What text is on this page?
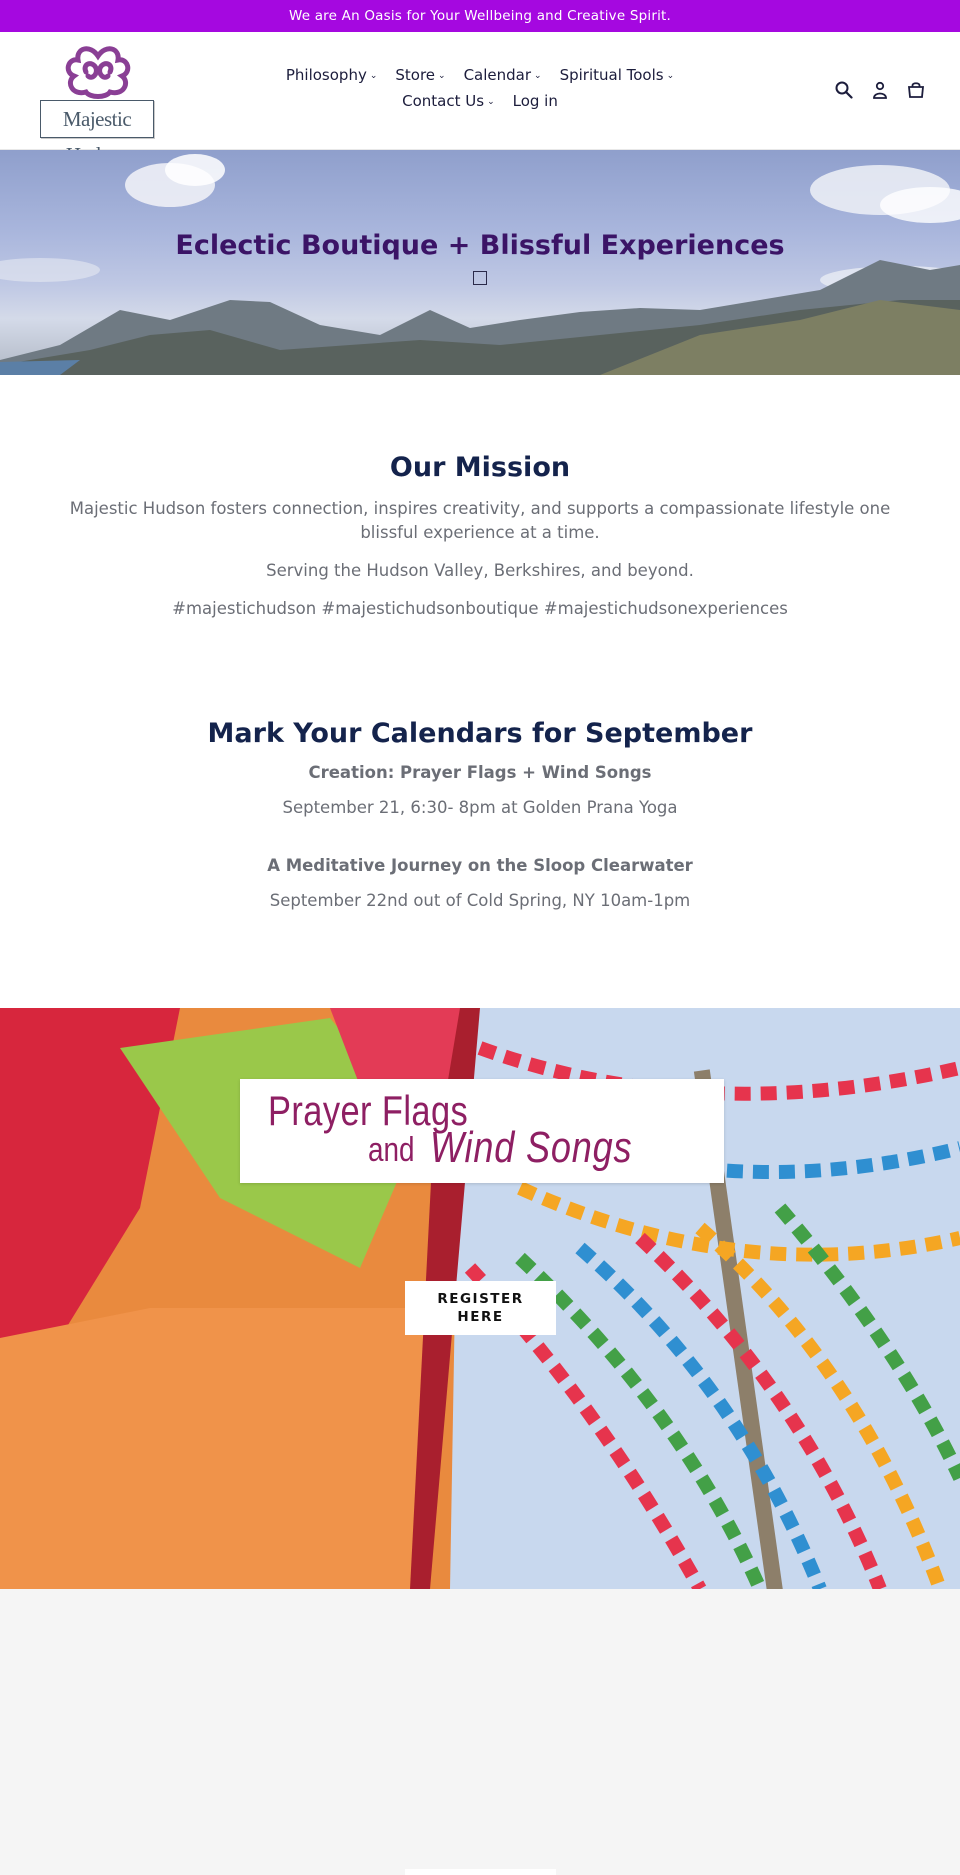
We are An Oasis for Your Wellbeing and Creative Spirit.
Majestic
Philosophy ⌄ Store ⌄ Calendar ⌄ Spiritual Tools ⌄
Contact Us ⌄ Log in
Eclectic Boutique + Blissful Experiences
Our Mission

Majestic Hudson fosters connection, inspires creativity, and supports a compassionate lifestyle one blissful experience at a time.

Serving the Hudson Valley, Berkshires, and beyond.

#majestichudson #majestichudsonboutique #majestichudsonexperiences

Mark Your Calendars for September

Creation: Prayer Flags + Wind Songs

September 21, 6:30- 8pm at Golden Prana Yoga

A Meditative Journey on the Sloop Clearwater

September 22nd out of Cold Spring, NY 10am-1pm

Prayer Flags
and Wind Songs
REGISTER HERE
